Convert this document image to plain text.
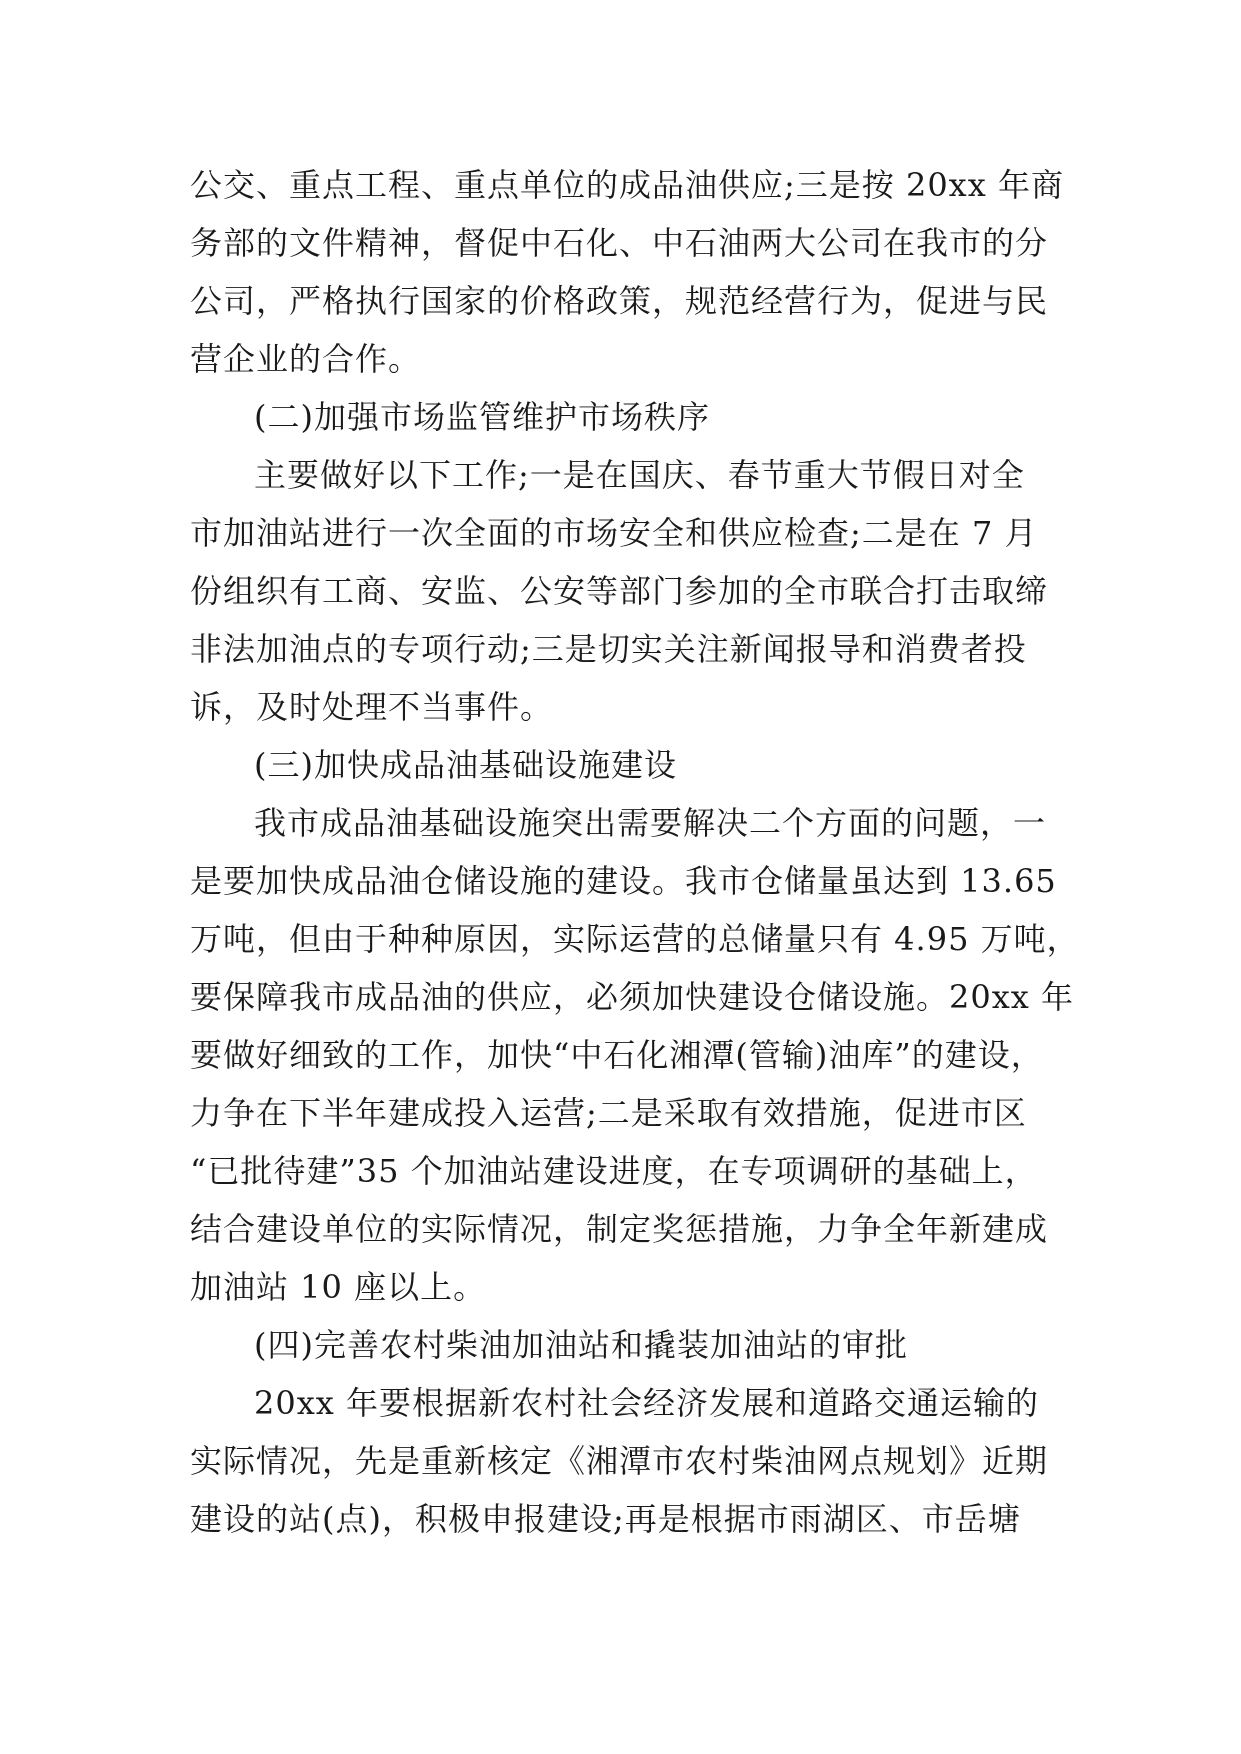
公交、重点工程、重点单位的成品油供应;三是按 20xx 年商
务部的文件精神，督促中石化、中石油两大公司在我市的分
公司，严格执行国家的价格政策，规范经营行为，促进与民
营企业的合作。
(二)加强市场监管维护市场秩序
主要做好以下工作;一是在国庆、春节重大节假日对全
市加油站进行一次全面的市场安全和供应检查;二是在 7 月
份组织有工商、安监、公安等部门参加的全市联合打击取缔
非法加油点的专项行动;三是切实关注新闻报导和消费者投
诉，及时处理不当事件。
(三)加快成品油基础设施建设
我市成品油基础设施突出需要解决二个方面的问题，一
是要加快成品油仓储设施的建设。我市仓储量虽达到 13.65
万吨，但由于种种原因，实际运营的总储量只有 4.95 万吨，
要保障我市成品油的供应，必须加快建设仓储设施。20xx 年
要做好细致的工作，加快“中石化湘潭(管输)油库”的建设，
力争在下半年建成投入运营;二是采取有效措施，促进市区
“已批待建”35 个加油站建设进度，在专项调研的基础上，
结合建设单位的实际情况，制定奖惩措施，力争全年新建成
加油站 10 座以上。
(四)完善农村柴油加油站和撬装加油站的审批
20xx 年要根据新农村社会经济发展和道路交通运输的
实际情况，先是重新核定《湘潭市农村柴油网点规划》近期
建设的站(点)，积极申报建设;再是根据市雨湖区、市岳塘
